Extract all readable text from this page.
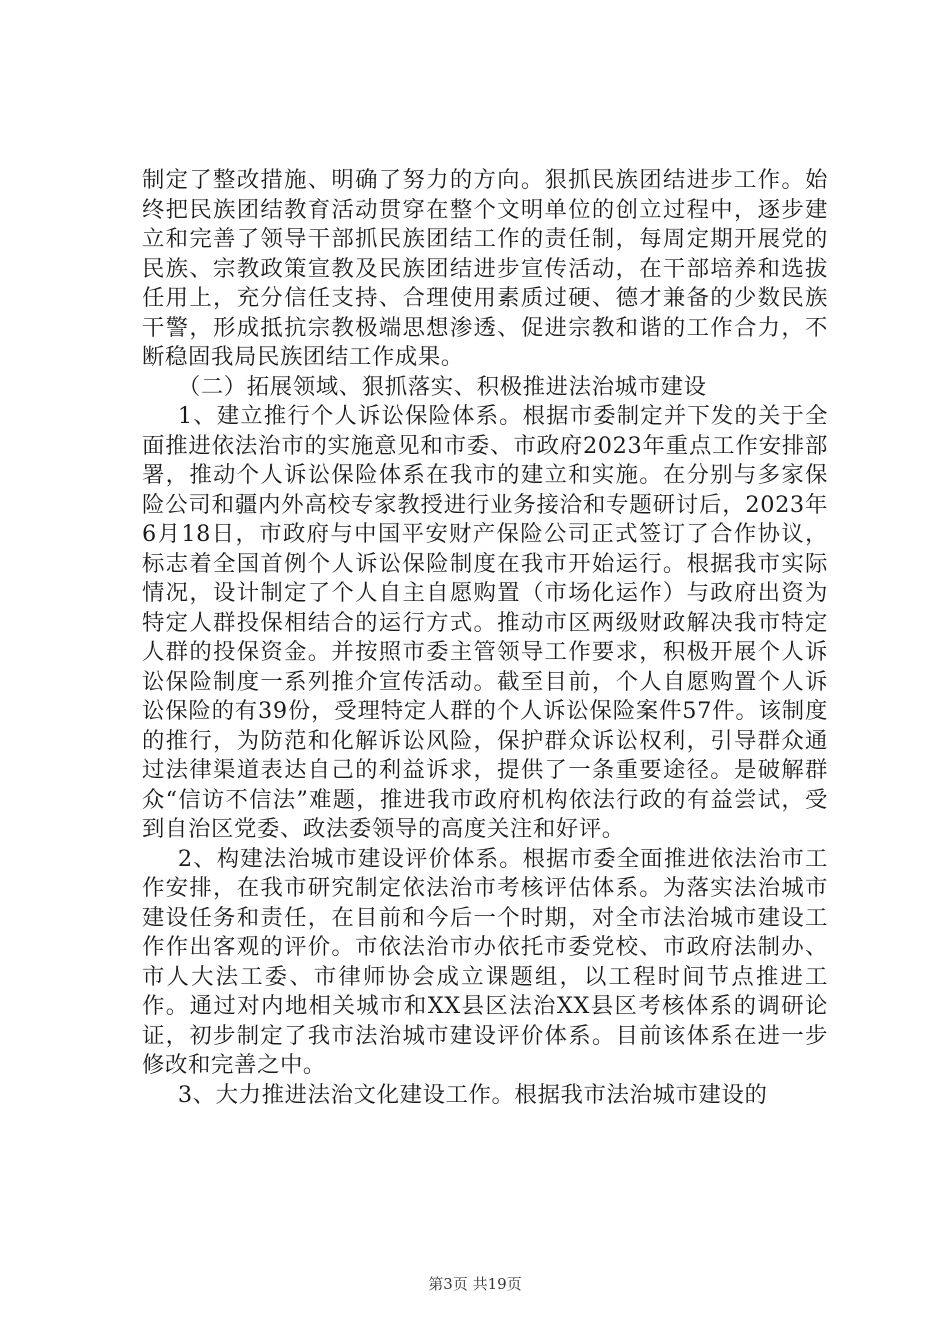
制定了整改措施、明确了努力的方向。狠抓民族团结进步工作。始终把民族团结教育活动贯穿在整个文明单位的创立过程中，逐步建立和完善了领导干部抓民族团结工作的责任制，每周定期开展党的民族、宗教政策宣教及民族团结进步宣传活动，在干部培养和选拔任用上，充分信任支持、合理使用素质过硬、德才兼备的少数民族干警，形成抵抗宗教极端思想渗透、促进宗教和谐的工作合力，不断稳固我局民族团结工作成果。

（二）拓展领域、狠抓落实、积极推进法治城市建设

1、建立推行个人诉讼保险体系。根据市委制定并下发的关于全面推进依法治市的实施意见和市委、市政府2023年重点工作安排部署，推动个人诉讼保险体系在我市的建立和实施。在分别与多家保险公司和疆内外高校专家教授进行业务接洽和专题研讨后，2023年6月18日，市政府与中国平安财产保险公司正式签订了合作协议，标志着全国首例个人诉讼保险制度在我市开始运行。根据我市实际情况，设计制定了个人自主自愿购置（市场化运作）与政府出资为特定人群投保相结合的运行方式。推动市区两级财政解决我市特定人群的投保资金。并按照市委主管领导工作要求，积极开展个人诉讼保险制度一系列推介宣传活动。截至目前，个人自愿购置个人诉讼保险的有39份，受理特定人群的个人诉讼保险案件57件。该制度的推行，为防范和化解诉讼风险，保护群众诉讼权利，引导群众通过法律渠道表达自己的利益诉求，提供了一条重要途径。是破解群众“信访不信法”难题，推进我市政府机构依法行政的有益尝试，受到自治区党委、政法委领导的高度关注和好评。

2、构建法治城市建设评价体系。根据市委全面推进依法治市工作安排，在我市研究制定依法治市考核评估体系。为落实法治城市建设任务和责任，在目前和今后一个时期，对全市法治城市建设工作作出客观的评价。市依法治市办依托市委党校、市政府法制办、市人大法工委、市律师协会成立课题组，以工程时间节点推进工作。通过对内地相关城市和XX县区法治XX县区考核体系的调研论证，初步制定了我市法治城市建设评价体系。目前该体系在进一步修改和完善之中。

3、大力推进法治文化建设工作。根据我市法治城市建设的

第3页 共19页
